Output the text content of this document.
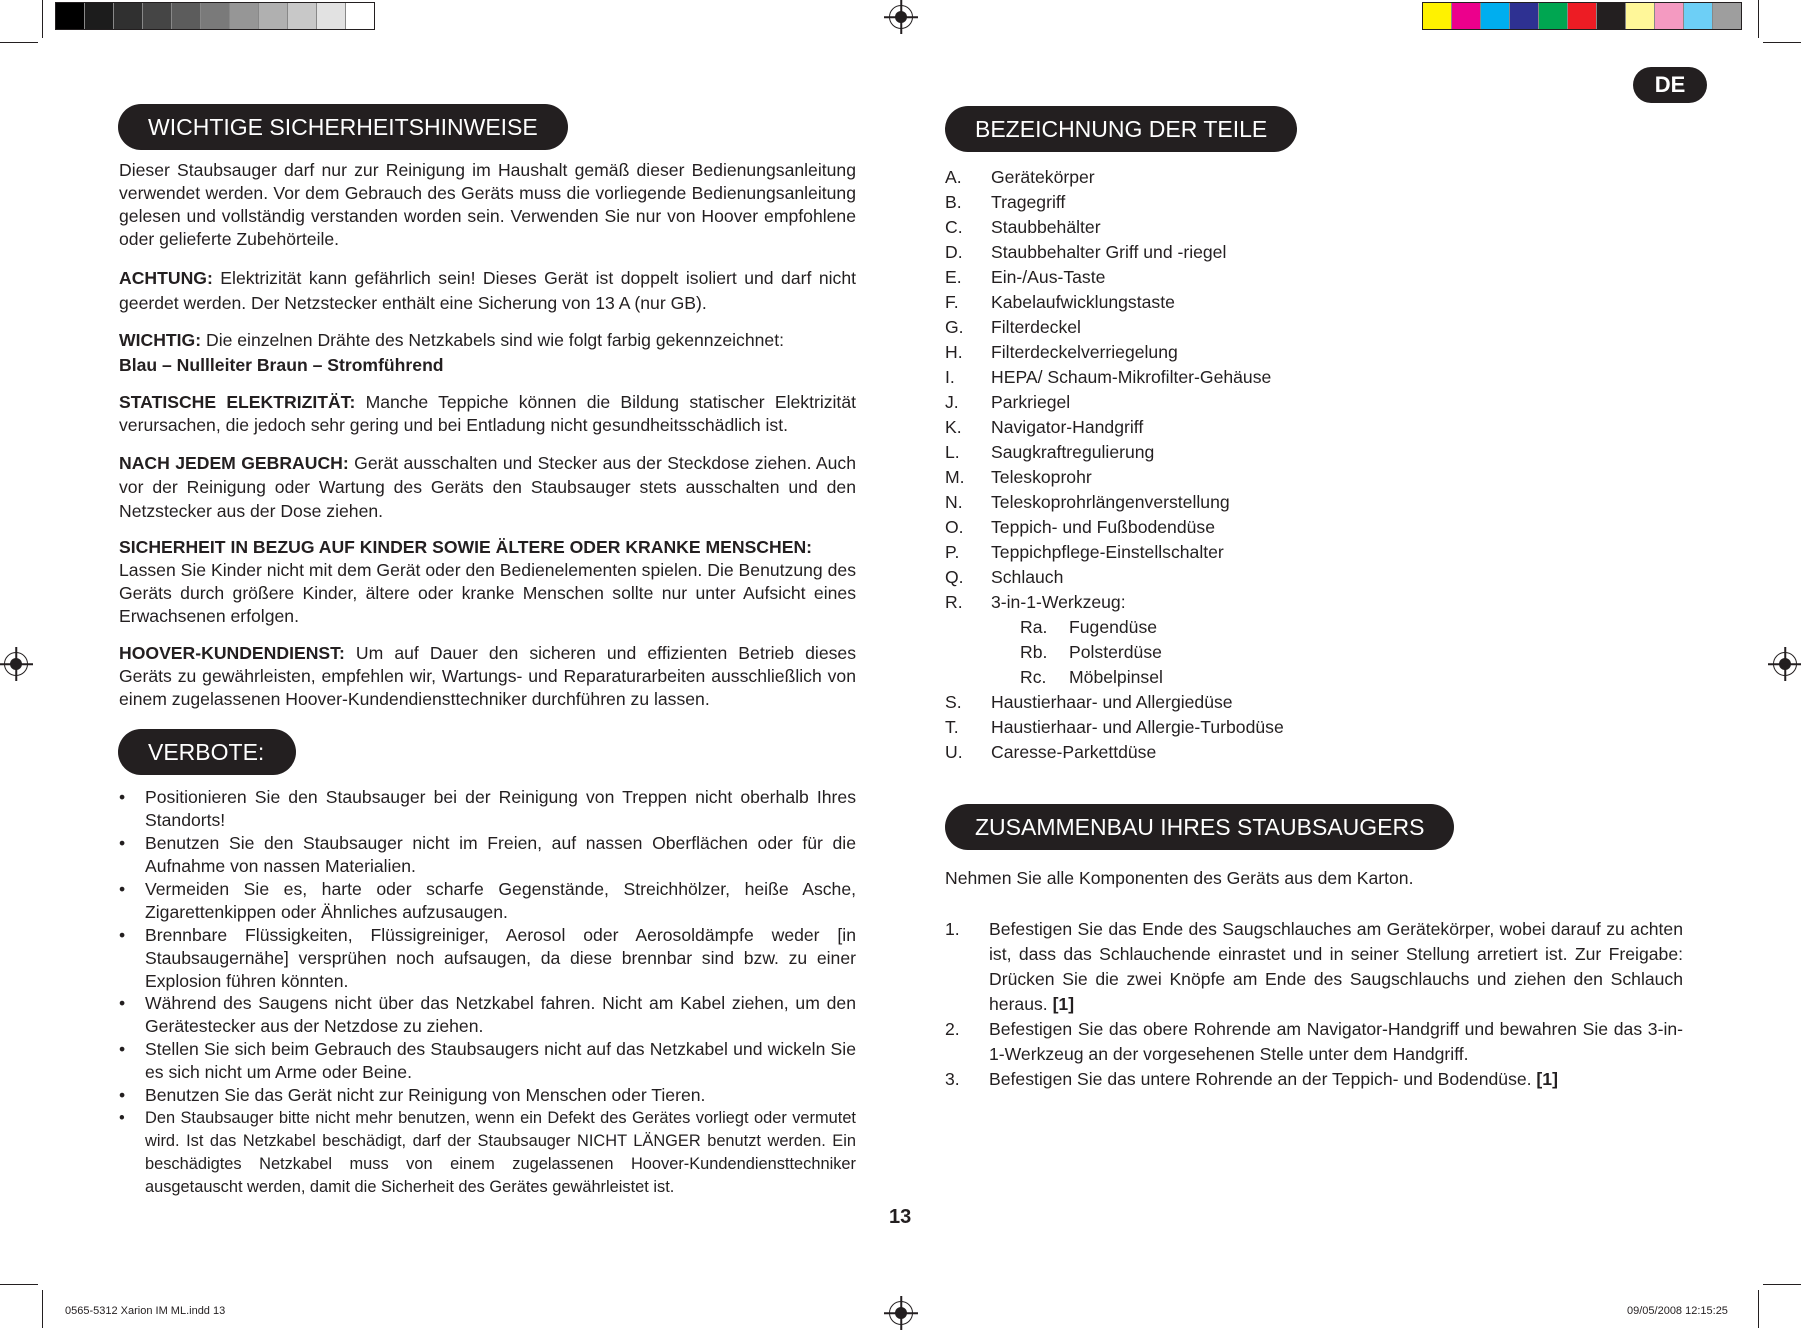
DE
WICHTIGE SICHERHEITSHINWEISE
Dieser Staubsauger darf nur zur Reinigung im Haushalt gemäß dieser Bedienungsanleitung verwendet werden. Vor dem Gebrauch des Geräts muss die vorliegende Bedienungsanleitung gelesen und vollständig verstanden worden sein. Verwenden Sie nur von Hoover empfohlene oder gelieferte Zubehörteile.
ACHTUNG: Elektrizität kann gefährlich sein! Dieses Gerät ist doppelt isoliert und darf nicht geerdet werden. Der Netzstecker enthält eine Sicherung von 13 A (nur GB).
WICHTIG: Die einzelnen Drähte des Netzkabels sind wie folgt farbig gekennzeichnet:
Blau – Nullleiter Braun – Stromführend
STATISCHE ELEKTRIZITÄT: Manche Teppiche können die Bildung statischer Elektrizität verursachen, die jedoch sehr gering und bei Entladung nicht gesundheitsschädlich ist.
NACH JEDEM GEBRAUCH: Gerät ausschalten und Stecker aus der Steckdose ziehen. Auch vor der Reinigung oder Wartung des Geräts den Staubsauger stets ausschalten und den Netzstecker aus der Dose ziehen.
SICHERHEIT IN BEZUG AUF KINDER SOWIE ÄLTERE ODER KRANKE MENSCHEN:
Lassen Sie Kinder nicht mit dem Gerät oder den Bedienelementen spielen. Die Benutzung des Geräts durch größere Kinder, ältere oder kranke Menschen sollte nur unter Aufsicht eines Erwachsenen erfolgen.
HOOVER-KUNDENDIENST: Um auf Dauer den sicheren und effizienten Betrieb dieses Geräts zu gewährleisten, empfehlen wir, Wartungs- und Reparaturarbeiten ausschließlich von einem zugelassenen Hoover-Kundendiensttechniker durchführen zu lassen.
VERBOTE:
• Positionieren Sie den Staubsauger bei der Reinigung von Treppen nicht oberhalb Ihres Standorts!
• Benutzen Sie den Staubsauger nicht im Freien, auf nassen Oberflächen oder für die Aufnahme von nassen Materialien.
• Vermeiden Sie es, harte oder scharfe Gegenstände, Streichhölzer, heiße Asche, Zigarettenkippen oder Ähnliches aufzusaugen.
• Brennbare Flüssigkeiten, Flüssigreiniger, Aerosol oder Aerosoldämpfe weder [in Staubsaugernähe] versprühen noch aufsaugen, da diese brennbar sind bzw. zu einer Explosion führen könnten.
• Während des Saugens nicht über das Netzkabel fahren. Nicht am Kabel ziehen, um den Gerätestecker aus der Netzdose zu ziehen.
• Stellen Sie sich beim Gebrauch des Staubsaugers nicht auf das Netzkabel und wickeln Sie es sich nicht um Arme oder Beine.
• Benutzen Sie das Gerät nicht zur Reinigung von Menschen oder Tieren.
• Den Staubsauger bitte nicht mehr benutzen, wenn ein Defekt des Gerätes vorliegt oder vermutet wird. Ist das Netzkabel beschädigt, darf der Staubsauger NICHT LÄNGER benutzt werden. Ein beschädigtes Netzkabel muss von einem zugelassenen Hoover-Kundendiensttechniker ausgetauscht werden, damit die Sicherheit des Gerätes gewährleistet ist.
13
BEZEICHNUNG DER TEILE
A. Gerätekörper
B. Tragegriff
C. Staubbehälter
D. Staubbehalter Griff und -riegel
E. Ein-/Aus-Taste
F. Kabelaufwicklungstaste
G. Filterdeckel
H. Filterdeckelverriegelung
I. HEPA/ Schaum-Mikrofilter-Gehäuse
J. Parkriegel
K. Navigator-Handgriff
L. Saugkraftregulierung
M. Teleskoprohr
N. Teleskoprohrlängenverstellung
O. Teppich- und Fußbodendüse
P. Teppichpflege-Einstellschalter
Q. Schlauch
R. 3-in-1-Werkzeug:
Ra. Fugendüse
Rb. Polsterdüse
Rc. Möbelpinsel
S. Haustierhaar- und Allergiedüse
T. Haustierhaar- und Allergie-Turbodüse
U. Caresse-Parkettdüse
ZUSAMMENBAU IHRES STAUBSAUGERS
Nehmen Sie alle Komponenten des Geräts aus dem Karton.
1. Befestigen Sie das Ende des Saugschlauches am Gerätekörper, wobei darauf zu achten ist, dass das Schlauchende einrastet und in seiner Stellung arretiert ist. Zur Freigabe: Drücken Sie die zwei Knöpfe am Ende des Saugschlauchs und ziehen den Schlauch heraus. [1]
2. Befestigen Sie das obere Rohrende am Navigator-Handgriff und bewahren Sie das 3-in-1-Werkzeug an der vorgesehenen Stelle unter dem Handgriff.
3. Befestigen Sie das untere Rohrende an der Teppich- und Bodendüse. [1]
0565-5312 Xarion IM ML.indd 13	09/05/2008 12:15:25
